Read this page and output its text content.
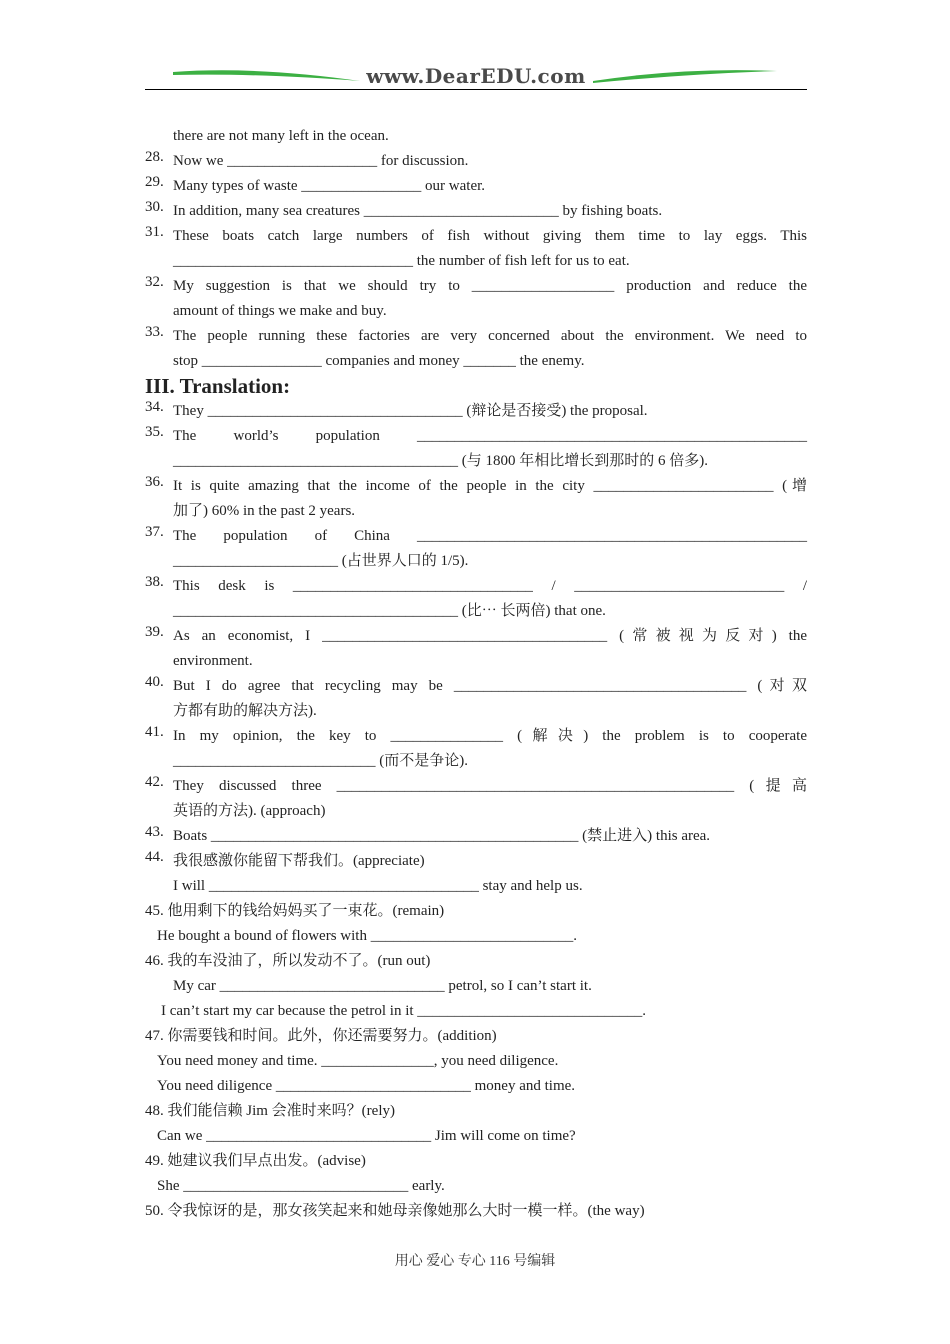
www.DearEDU.com
there are not many left in the ocean.
28. Now we ____________________ for discussion.
29. Many types of waste ________________ our water.
30. In addition, many sea creatures __________________________ by fishing boats.
31. These boats catch large numbers of fish without giving them time to lay eggs. This
________________________________ the number of fish left for us to eat.
32. My suggestion is that we should try to ___________________ production and reduce the
amount of things we make and buy.
33. The people running these factories are very concerned about the environment. We need to
stop ________________ companies and money _______ the enemy.
III. Translation:
34. They __________________________________ (辩论是否接受) the proposal.
35. The world’s population ____________________________________________________
______________________________________ (与 1800 年相比增长到那时的 6 倍多).
36. It is quite amazing that the income of the people in the city ________________________ (增
加了) 60% in the past 2 years.
37. The population of China ____________________________________________________
______________________ (占世界人口的 1/5).
38. This desk is ________________________________ / ____________________________ /
______________________________________ (比⋯ 长两倍) that one.
39. As an economist, I ______________________________________ (常被视为反对) the
environment.
40. But I do agree that recycling may be _______________________________________ (对双
方都有助的解决方法).
41. In my opinion, the key to _______________ (解决) the problem is to cooperate
___________________________ (而不是争论).
42. They discussed three _____________________________________________________ (提高
英语的方法). (approach)
43. Boats _________________________________________________ (禁止进入) this area.
44. 我很感激你能留下帮我们。(appreciate)
I will ____________________________________ stay and help us.
45. 他用剩下的钱给妈妈买了一束花。(remain)
He bought a bound of flowers with ___________________________.
46. 我的车没油了，所以发动不了。(run out)
My car ______________________________ petrol, so I can’t start it.
I can’t start my car because the petrol in it ______________________________.
47. 你需要钱和时间。此外，你还需要努力。(addition)
You need money and time. _______________, you need diligence.
You need diligence __________________________ money and time.
48. 我们能信赖 Jim 会准时来吗？(rely)
Can we ______________________________ Jim will come on time?
49. 她建议我们早点出发。(advise)
She ______________________________ early.
50. 令我惊讶的是，那女孩笑起来和她母亲像她那么大时一模一样。(the way)
用心 爱心 专心 116 号编辑
